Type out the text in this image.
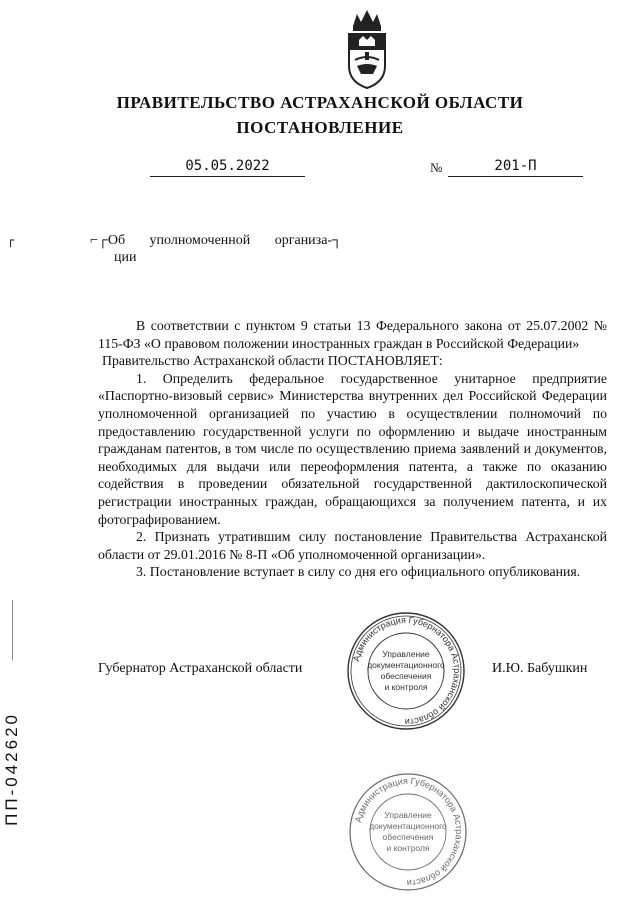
ПРАВИТЕЛЬСТВО АСТРАХАНСКОЙ ОБЛАСТИ
ПОСТАНОВЛЕНИЕ
05.05.2022	№	201-П
┌	⌐┌Об уполномоченной организа-┐
ции

В соответствии с пунктом 9 статьи 13 Федерального закона от 25.07.2002 № 115-ФЗ «О правовом положении иностранных граждан в Российской Федерации»

Правительство Астраханской области ПОСТАНОВЛЯЕТ:

1. Определить федеральное государственное унитарное предприятие «Паспортно-визовый сервис» Министерства внутренних дел Российской Федерации уполномоченной организацией по участию в осуществлении полномочий по предоставлению государственной услуги по оформлению и выдаче иностранным гражданам патентов, в том числе по осуществлению приема заявлений и документов, необходимых для выдачи или переоформления патента, а также по оказанию содействия в проведении обязательной государственной дактилоскопической регистрации иностранных граждан, обращающихся за получением патента, и их фотографированием.

2. Признать утратившим силу постановление Правительства Астраханской области от 29.01.2016 № 8-П «Об уполномоченной организации».

3. Постановление вступает в силу со дня его официального опубликования.

Губернатор Астраханской области	И.Ю. Бабушкин
Администрация Губернатора Астраханской области
Управление
документационного
обеспечения
и контроля
Администрация Губернатора Астраханской области
Управление
документационного
обеспечения
и контроля
ПП-042620
